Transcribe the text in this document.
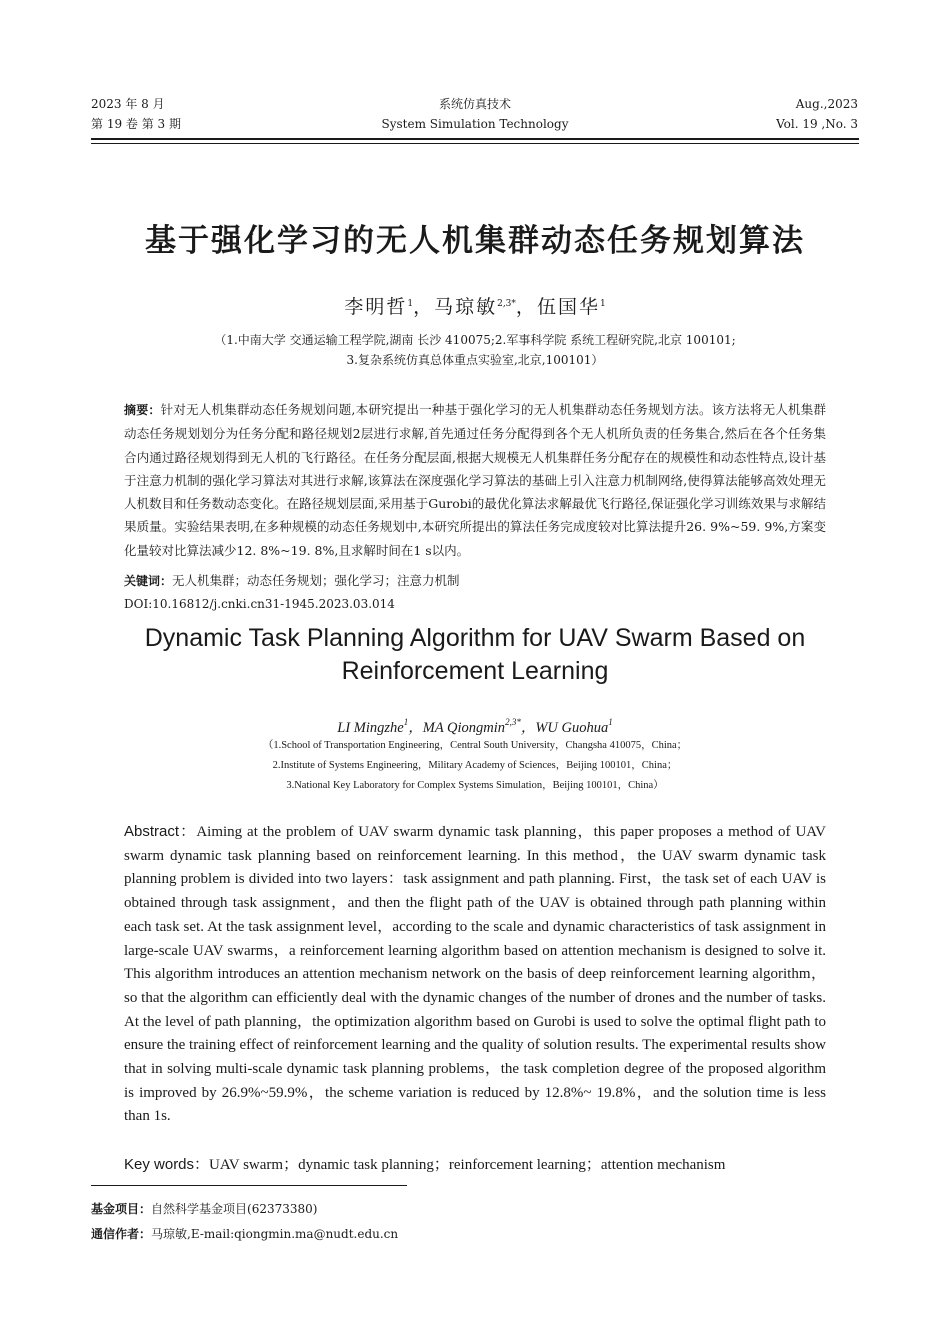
2023 年 8 月
第 19 卷 第 3 期
系统仿真技术
System Simulation Technology
Aug.,2023
Vol. 19 ,No. 3
基于强化学习的无人机集群动态任务规划算法
李明哲$^1$，马琼敏$^{2,3*}$，伍国华$^1$
（1.中南大学 交通运输工程学院,湖南 长沙 410075;2.军事科学院 系统工程研究院,北京 100101;
3.复杂系统仿真总体重点实验室,北京,100101）
摘要：针对无人机集群动态任务规划问题,本研究提出一种基于强化学习的无人机集群动态任务规划方法。该方法将无人机集群动态任务规划划分为任务分配和路径规划2层进行求解,首先通过任务分配得到各个无人机所负责的任务集合,然后在各个任务集合内通过路径规划得到无人机的飞行路径。在任务分配层面,根据大规模无人机集群任务分配存在的规模性和动态性特点,设计基于注意力机制的强化学习算法对其进行求解,该算法在深度强化学习算法的基础上引入注意力机制网络,使得算法能够高效处理无人机数目和任务数动态变化。在路径规划层面,采用基于Gurobi的最优化算法求解最优飞行路径,保证强化学习训练效果与求解结果质量。实验结果表明,在多种规模的动态任务规划中,本研究所提出的算法任务完成度较对比算法提升26. 9%~59. 9%,方案变化量较对比算法减少12. 8%~19. 8%,且求解时间在1 s以内。
关键词：无人机集群；动态任务规划；强化学习；注意力机制
DOI:10.16812/j.cnki.cn31-1945.2023.03.014
Dynamic Task Planning Algorithm for UAV Swarm Based on
Reinforcement Learning
LI Mingzhe$^1$，MA Qiongmin$^{2,3*}$，WU Guohua$^1$
（1.School of Transportation Engineering，Central South University，Changsha 410075，China；
2.Institute of Systems Engineering，Military Academy of Sciences，Beijing 100101，China；
3.National Key Laboratory for Complex Systems Simulation，Beijing 100101，China）
Abstract：Aiming at the problem of UAV swarm dynamic task planning，this paper proposes a method of UAV swarm dynamic task planning based on reinforcement learning. In this method，the UAV swarm dynamic task planning problem is divided into two layers：task assignment and path planning. First，the task set of each UAV is obtained through task assignment，and then the flight path of the UAV is obtained through path planning within each task set. At the task assignment level，according to the scale and dynamic characteristics of task assignment in large-scale UAV swarms，a reinforcement learning algorithm based on attention mechanism is designed to solve it. This algorithm introduces an attention mechanism network on the basis of deep reinforcement learning algorithm，so that the algorithm can efficiently deal with the dynamic changes of the number of drones and the number of tasks. At the level of path planning，the optimization algorithm based on Gurobi is used to solve the optimal flight path to ensure the training effect of reinforcement learning and the quality of solution results. The experimental results show that in solving multi-scale dynamic task planning problems，the task completion degree of the proposed algorithm is improved by 26.9%~59.9%，the scheme variation is reduced by 12.8%~ 19.8%，and the solution time is less than 1s.
Key words：UAV swarm；dynamic task planning；reinforcement learning；attention mechanism
基金项目：自然科学基金项目(62373380)
通信作者：马琼敏,E-mail:qiongmin.ma@nudt.edu.cn
